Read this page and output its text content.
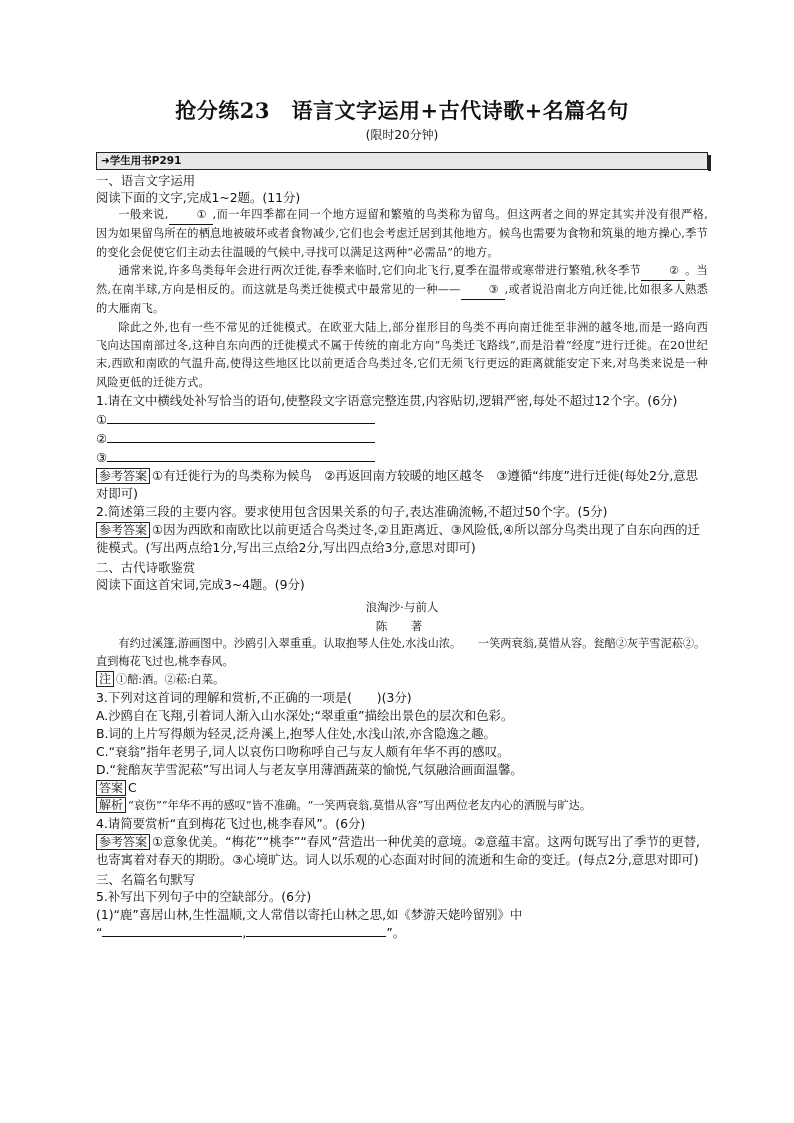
抢分练23　语言文字运用+古代诗歌+名篇名句
(限时20分钟)
➜学生用书P291
一、语言文字运用

阅读下面的文字,完成1~2题。(11分)

一般来说,	① ,而一年四季都在同一个地方逗留和繁殖的鸟类称为留鸟。但这两者之间的界定其实并没有很严格,因为如果留鸟所在的栖息地被破坏或者食物减少,它们也会考虑迁居到其他地方。候鸟也需要为食物和筑巢的地方操心,季节的变化会促使它们主动去往温暖的气候中,寻找可以满足这两种“必需品”的地方。

通常来说,许多鸟类每年会进行两次迁徙,春季来临时,它们向北飞行,夏季在温带或寒带进行繁殖,秋冬季节	② 。当然,在南半球,方向是相反的。而这就是鸟类迁徙模式中最常见的一种——	③ ,或者说沿南北方向迁徙,比如很多人熟悉的大雁南飞。

除此之外,也有一些不常见的迁徙模式。在欧亚大陆上,部分崔形目的鸟类不再向南迁徙至非洲的越冬地,而是一路向西飞向达国南部过冬,这种自东向西的迁徙模式不属于传统的南北方向“鸟类迁飞路线”,而是沿着“经度”进行迁徙。在20世纪末,西欧和南欧的气温升高,使得这些地区比以前更适合鸟类过冬,它们无须飞行更远的距离就能安定下来,对鸟类来说是一种风险更低的迁徙方式。

1.请在文中横线处补写恰当的语句,使整段文字语意完整连贯,内容贴切,逻辑严密,每处不超过12个字。(6分)

①
②
③

参考答案 ①有迁徙行为的鸟类称为候鸟　②再返回南方较暖的地区越冬　③遵循“纬度”进行迁徙(每处2分,意思对即可)

2.简述第三段的主要内容。要求使用包含因果关系的句子,表达准确流畅,不超过50个字。(5分)

参考答案 ①因为西欧和南欧比以前更适合鸟类过冬,②且距离近、③风险低,④所以部分鸟类出现了自东向西的迁徙模式。(写出两点给1分,写出三点给2分,写出四点给3分,意思对即可)

二、古代诗歌鉴赏

阅读下面这首宋词,完成3~4题。(9分)

浪淘沙·与前人
陈　著

有约过溪篷,游画图中。沙鸥引入翠重重。认取抱琴人住处,水浅山浓。　　一笑两衰翁,莫惜从容。瓮醅②灰芋雪泥菘②。直到梅花飞过也,桃李春风。

注 ①醅:酒。②菘:白菜。

3.下列对这首词的理解和赏析,不正确的一项是(　　)(3分)

A.沙鸥自在飞翔,引着词人渐入山水深处;“翠重重”描绘出景色的层次和色彩。

B.词的上片写得颇为轻灵,泛舟溪上,抱琴人住处,水浅山浓,亦含隐逸之趣。

C.“衰翁”指年老男子,词人以哀伤口吻称呼自己与友人颇有年华不再的感叹。

D.“瓮醅灰芋雪泥菘”写出词人与老友享用薄酒蔬菜的愉悦,气氛融洽画面温馨。

答案 C

解析 “哀伤”“年华不再的感叹”皆不准确。“一笑两衰翁,莫惜从容”写出两位老友内心的洒脱与旷达。

4.请简要赏析“直到梅花飞过也,桃李春风”。(6分)

参考答案 ①意象优美。“梅花”“桃李”“春风”营造出一种优美的意境。②意蕴丰富。这两句既写出了季节的更替,也寄寓着对春天的期盼。③心境旷达。词人以乐观的心态面对时间的流逝和生命的变迁。(每点2分,意思对即可)

三、名篇名句默写

5.补写出下列句子中的空缺部分。(6分)

(1)“鹿”喜居山林,生性温顺,文人常借以寄托山林之思,如《梦游天姥吟留别》中

“	,	”。
